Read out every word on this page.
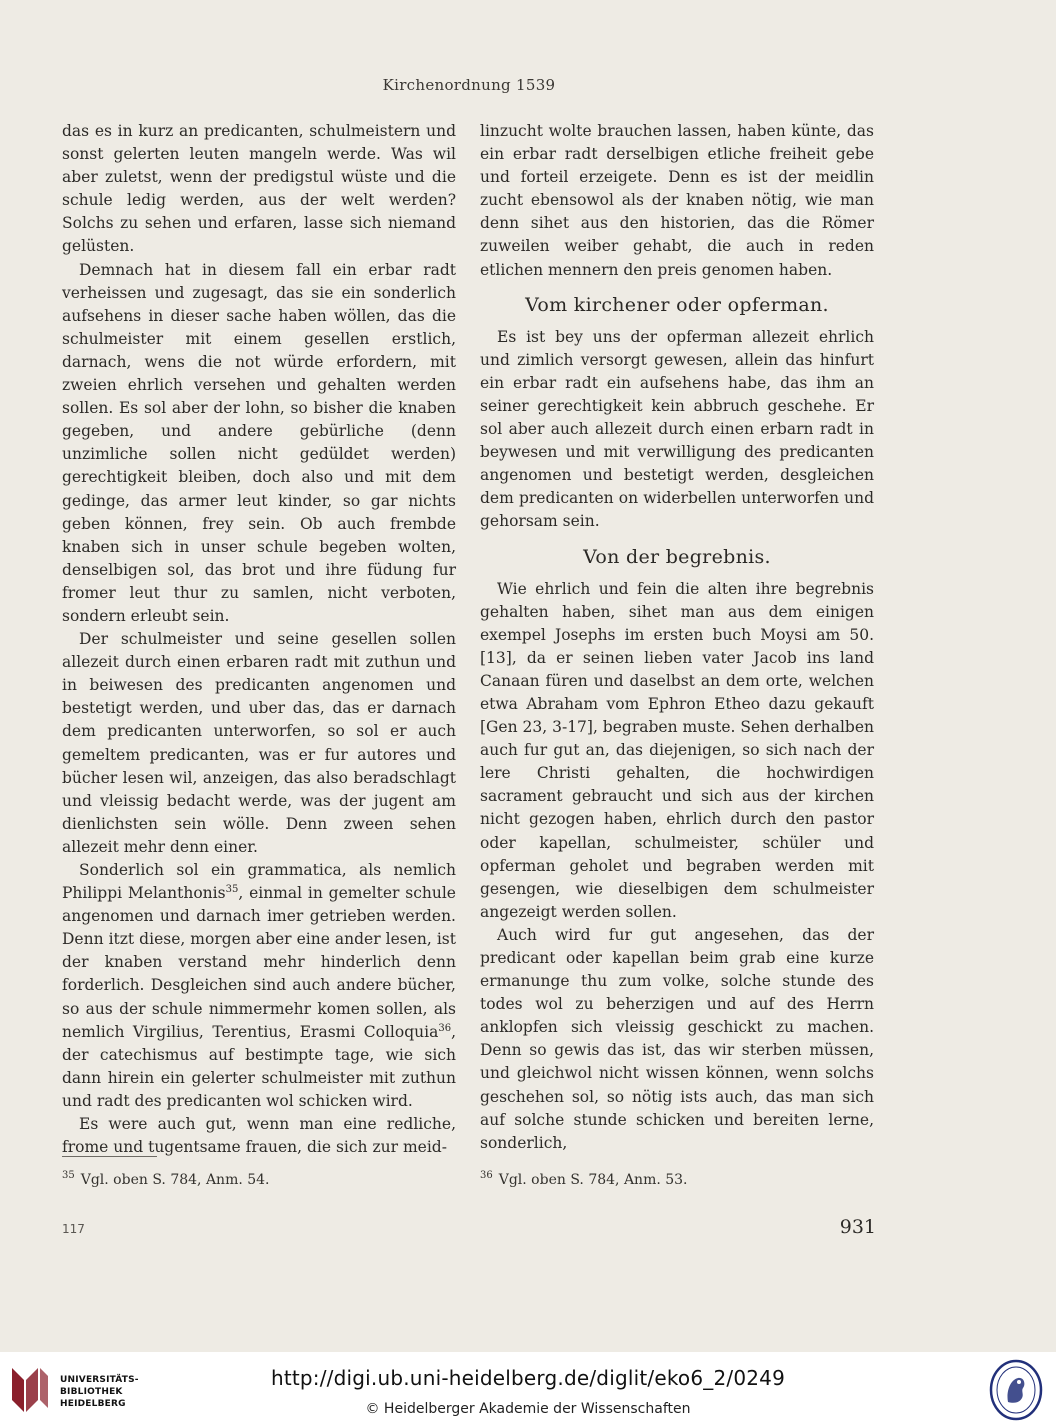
Kirchenordnung 1539

das es in kurz an predicanten, schulmeistern und sonst gelerten leuten mangeln werde. Was wil aber zuletst, wenn der predigstul wüste und die schule ledig werden, aus der welt werden? Solchs zu sehen und erfaren, lasse sich niemand gelüsten.

Demnach hat in diesem fall ein erbar radt verheissen und zugesagt, das sie ein sonderlich aufsehens in dieser sache haben wöllen, das die schulmeister mit einem gesellen erstlich, darnach, wens die not würde erfordern, mit zweien ehrlich versehen und gehalten werden sollen. Es sol aber der lohn, so bisher die knaben gegeben, und andere gebürliche (denn unzimliche sollen nicht gedüldet werden) gerechtigkeit bleiben, doch also und mit dem gedinge, das armer leut kinder, so gar nichts geben können, frey sein. Ob auch frembde knaben sich in unser schule begeben wolten, denselbigen sol, das brot und ihre füdung fur fromer leut thur zu samlen, nicht verboten, sondern erleubt sein.

Der schulmeister und seine gesellen sollen allezeit durch einen erbaren radt mit zuthun und in beiwesen des predicanten angenomen und bestetigt werden, und uber das, das er darnach dem predicanten unterworfen, so sol er auch gemeltem predicanten, was er fur autores und bücher lesen wil, anzeigen, das also beradschlagt und vleissig bedacht werde, was der jugent am dienlichsten sein wölle. Denn zween sehen allezeit mehr denn einer.

Sonderlich sol ein grammatica, als nemlich Philippi Melanthonis$^{35}$, einmal in gemelter schule angenomen und darnach imer getrieben werden. Denn itzt diese, morgen aber eine ander lesen, ist der knaben verstand mehr hinderlich denn forderlich. Desgleichen sind auch andere bücher, so aus der schule nimmermehr komen sollen, als nemlich Virgilius, Terentius, Erasmi Colloquia$^{36}$, der catechismus auf bestimpte tage, wie sich dann hirein ein gelerter schulmeister mit zuthun und radt des predicanten wol schicken wird.

Es were auch gut, wenn man eine redliche, frome und tugentsame frauen, die sich zur meid-

linzucht wolte brauchen lassen, haben künte, das ein erbar radt derselbigen etliche freiheit gebe und forteil erzeigete. Denn es ist der meidlin zucht ebensowol als der knaben nötig, wie man denn sihet aus den historien, das die Römer zuweilen weiber gehabt, die auch in reden etlichen mennern den preis genomen haben.

Vom kirchener oder opferman.

Es ist bey uns der opferman allezeit ehrlich und zimlich versorgt gewesen, allein das hinfurt ein erbar radt ein aufsehens habe, das ihm an seiner gerechtigkeit kein abbruch geschehe. Er sol aber auch allezeit durch einen erbarn radt in beywesen und mit verwilligung des predicanten angenomen und bestetigt werden, desgleichen dem predicanten on widerbellen unterworfen und gehorsam sein.

Von der begrebnis.

Wie ehrlich und fein die alten ihre begrebnis gehalten haben, sihet man aus dem einigen exempel Josephs im ersten buch Moysi am 50. [13], da er seinen lieben vater Jacob ins land Canaan füren und daselbst an dem orte, welchen etwa Abraham vom Ephron Etheo dazu gekauft [Gen 23, 3-17], begraben muste. Sehen derhalben auch fur gut an, das diejenigen, so sich nach der lere Christi gehalten, die hochwirdigen sacrament gebraucht und sich aus der kirchen nicht gezogen haben, ehrlich durch den pastor oder kapellan, schulmeister, schüler und opferman geholet und begraben werden mit gesengen, wie dieselbigen dem schulmeister angezeigt werden sollen.

Auch wird fur gut angesehen, das der predicant oder kapellan beim grab eine kurze ermanunge thu zum volke, solche stunde des todes wol zu beherzigen und auf des Herrn anklopfen sich vleissig geschickt zu machen. Denn so gewis das ist, das wir sterben müssen, und gleichwol nicht wissen können, wenn solchs geschehen sol, so nötig ists auch, das man sich auf solche stunde schicken und bereiten lerne, sonderlich,

$^{35}$ Vgl. oben S. 784, Anm. 54.	$^{36}$ Vgl. oben S. 784, Anm. 53.
117	931
UNIVERSITÄTS-
BIBLIOTHEK
HEIDELBERG
http://digi.ub.uni-heidelberg.de/diglit/eko6_2/0249
© Heidelberger Akademie der Wissenschaften
